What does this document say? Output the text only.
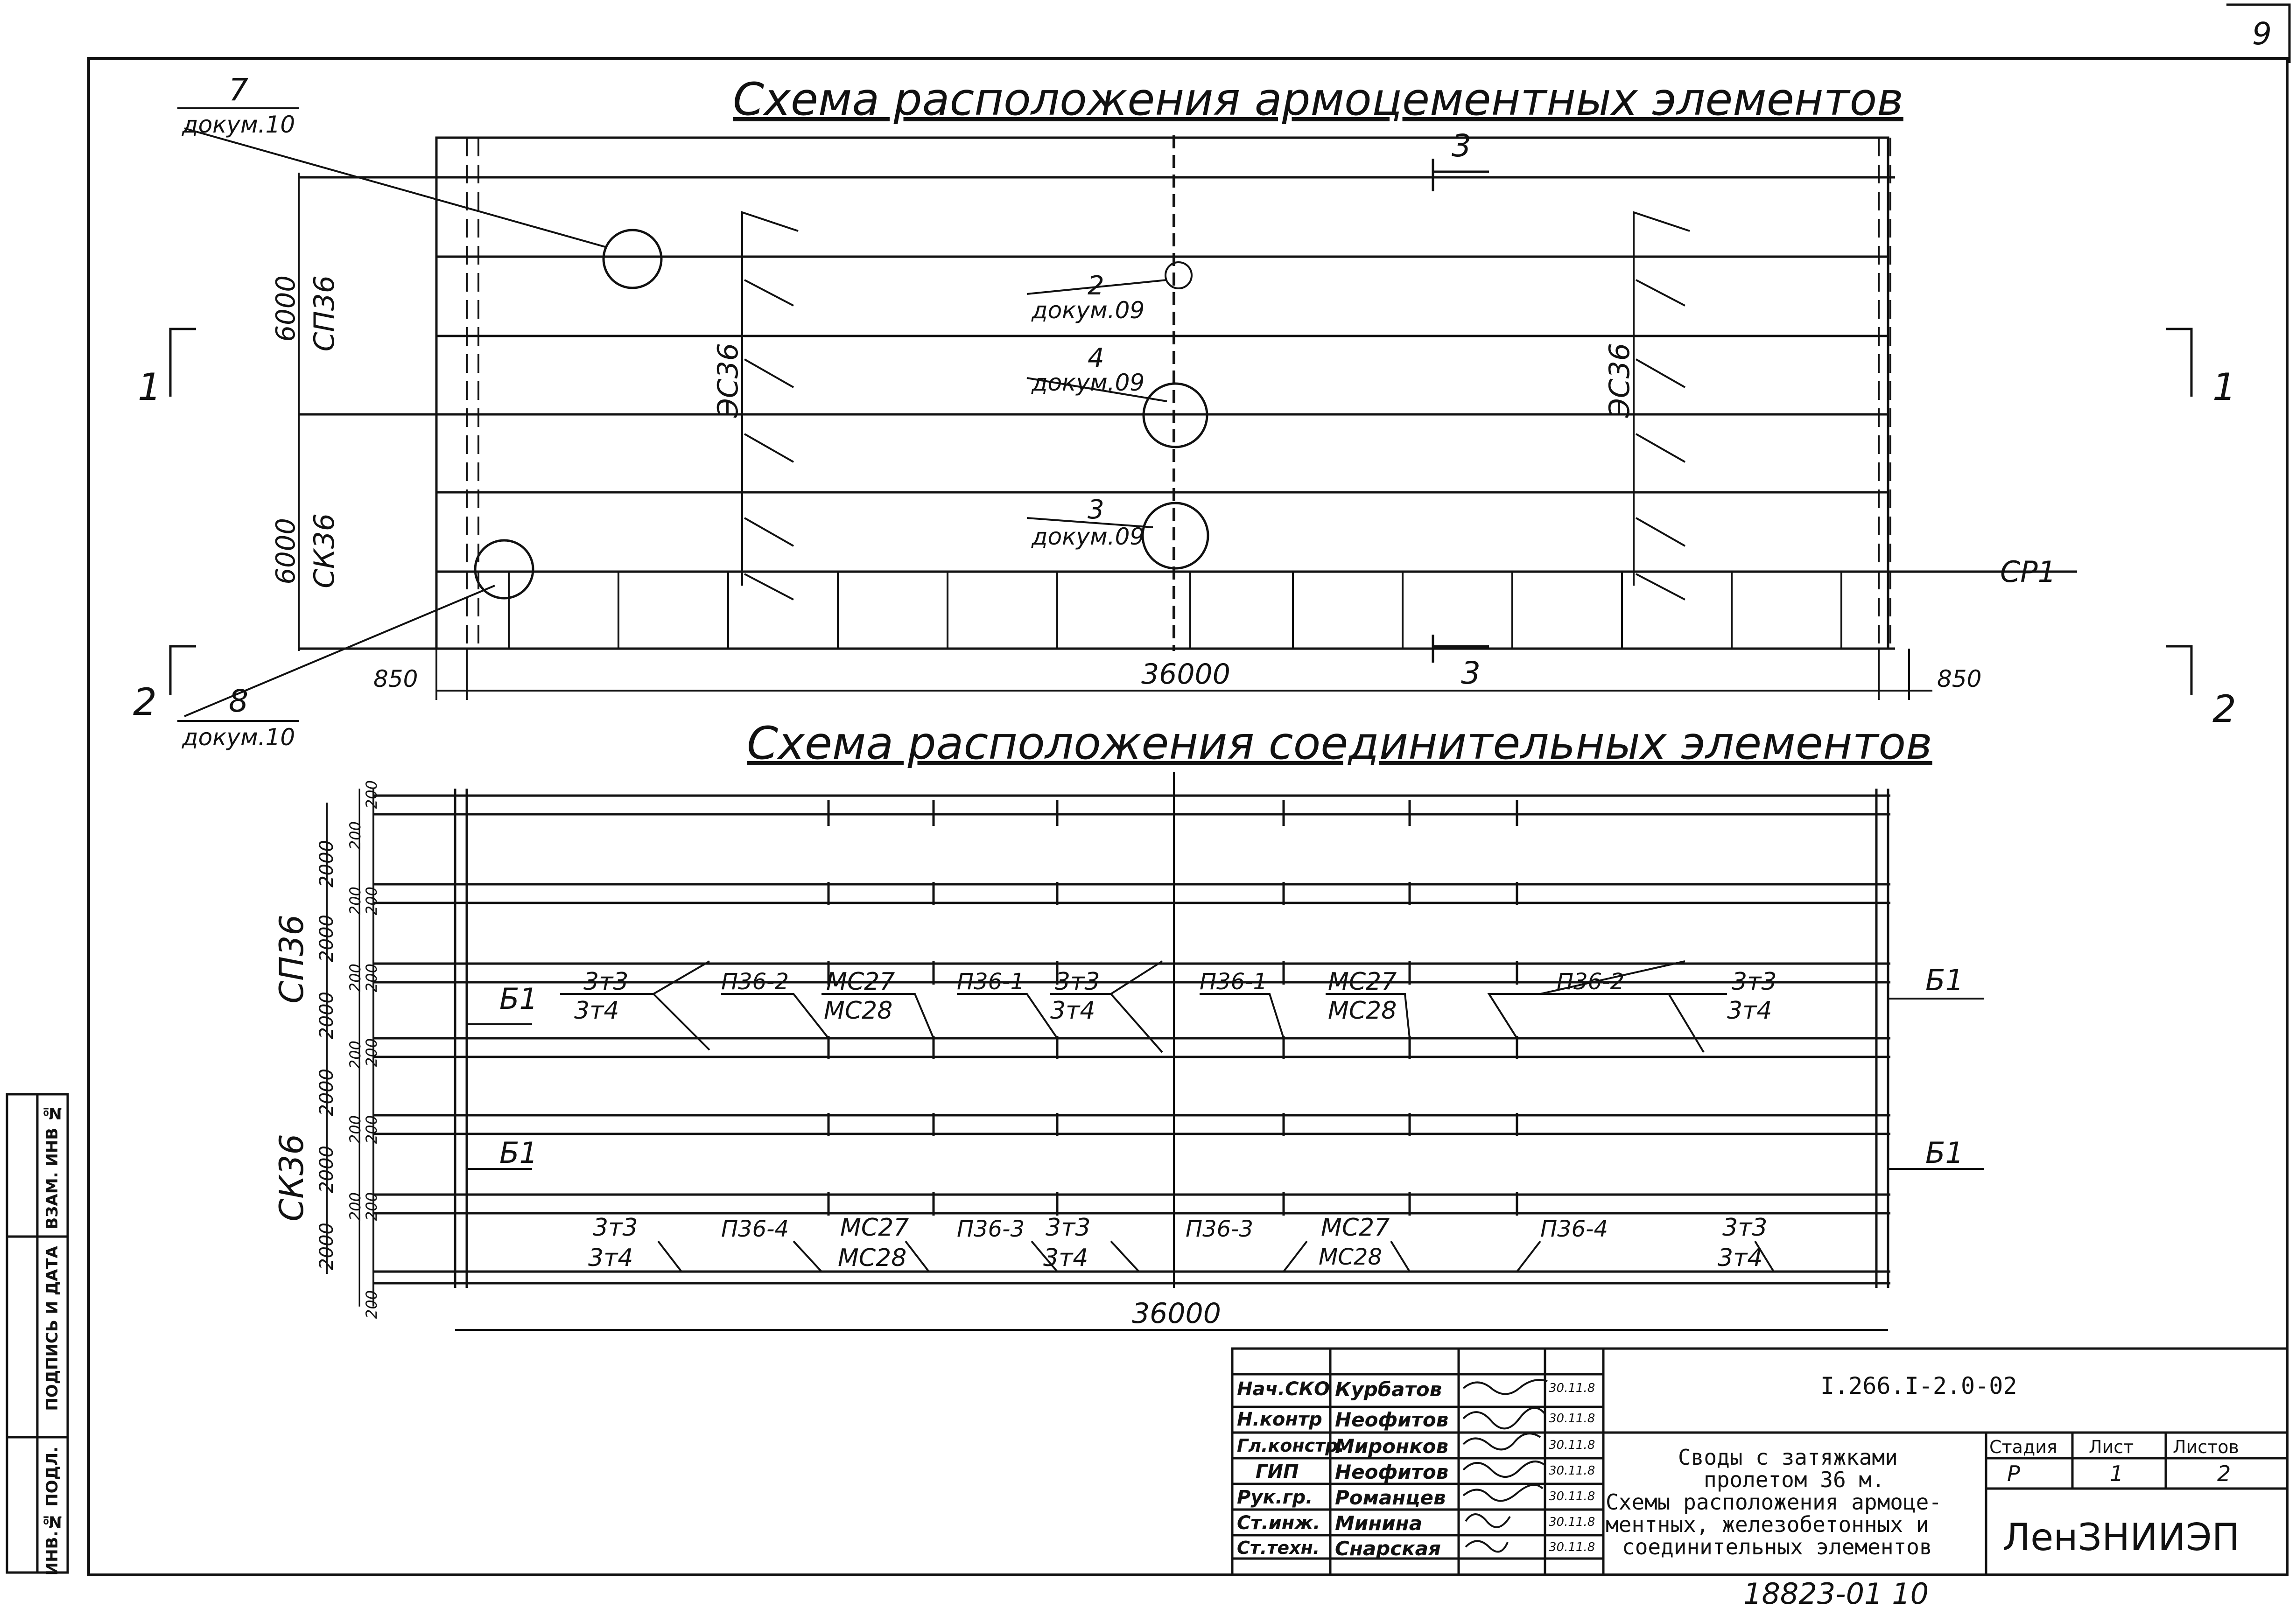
9
Схема расположения армоцементных элементов
7
докум.10
8
докум.10
2
докум.09
4
докум.09
3
докум.09
1	1
2	2
3
3
6000 СП36
6000 СК36
ЭС36	ЭС36
СР1
850	36000	850
Схема расположения соединительных элементов
СП36
СК36
2000
2000
2000
2000
2000
2000
200
200
200
200
200
200
200
200
200
200
200
200
200
Б1
Б1
Б1	Б1
3т3
3т4
П36-2 МС27
МС28
П36-1 3т3
3т4
П36-1 МС27
МС28
П36-2	3т3
3т4
3т3
3т4
П36-4 МС27
МС28
П36-3 3т3
3т4
П36-3	МС27
МС28
П36-4	3т3
3т4
36000
ВЗАМ. ИНВ №
ПОДПИСЬ И ДАТА
ИНВ.№ ПОДЛ.
Нач.СКО Курбатов	30.11.8
Н.контр Неофитов	30.11.8
Гл.констр.
Миронков	30.11.8
ГИП Неофитов	30.11.8
Рук.гр. Романцев	30.11.8
Ст.инж. Минина	30.11.8
Ст.техн. Снарская	30.11.8
I.266.I-2.0-02
Своды с затяжками
пролетом 36 м.
Схемы расположения армоце-
ментных, железобетонных и
соединительных элементов
Стадия Лист Листов
Р	1	2
ЛенЗНИИЭП
18823-01 10
